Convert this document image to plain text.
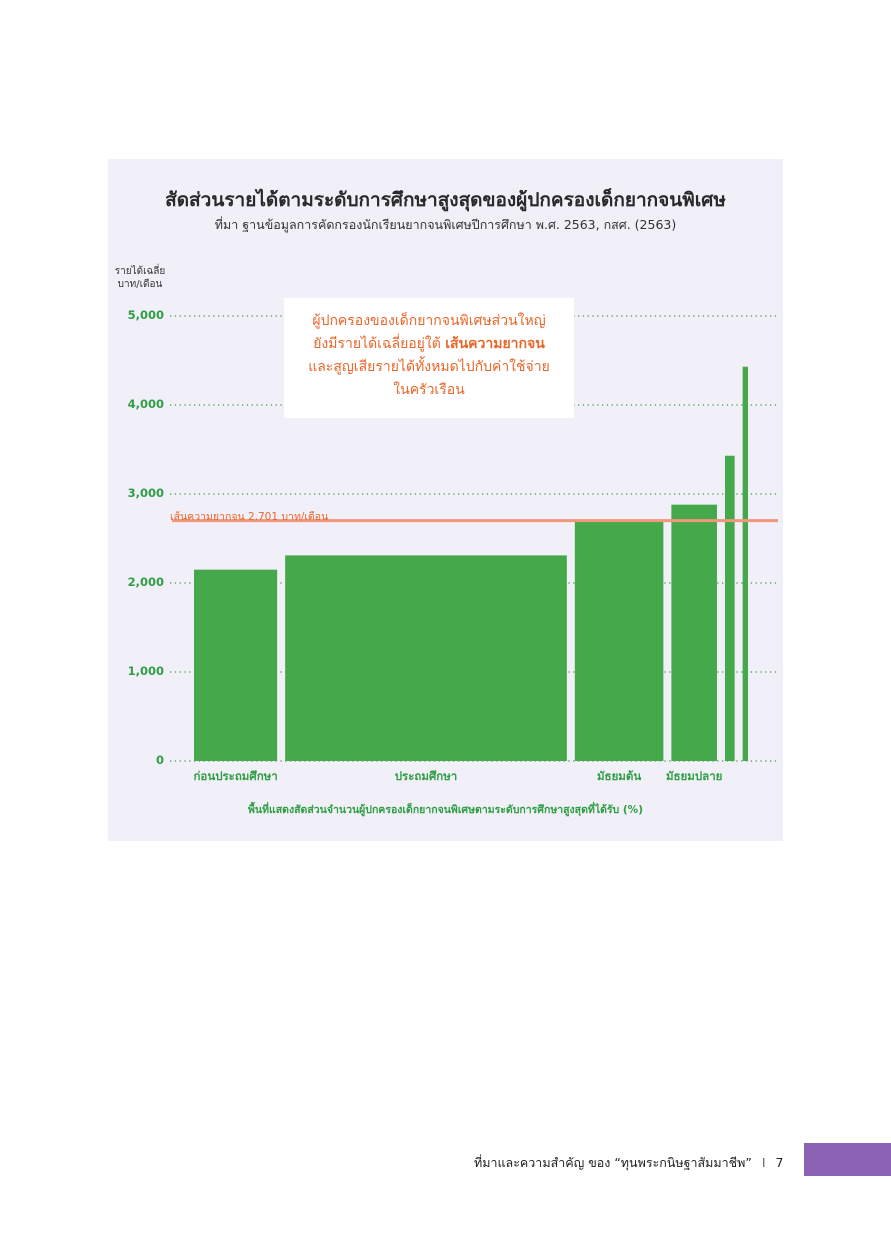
สัดส่วนรายได้ตามระดับการศึกษาสูงสุดของผู้ปกครองเด็กยากจนพิเศษ
ที่มา ฐานข้อมูลการคัดกรองนักเรียนยากจนพิเศษปีการศึกษา พ.ศ. 2563, กสศ. (2563)
รายได้เฉลี่ย
บาท/เดือน
0
1,000
2,000
3,000
4,000
5,000
ก่อนประถมศึกษา	ประถมศึกษา	มัธยมต้น มัธยมปลาย
เส้นความยากจน 2,701 บาท/เดือน
ผู้ปกครองของเด็กยากจนพิเศษส่วนใหญ่
ยังมีรายได้เฉลี่ยอยู่ใต้ เส้นความยากจน
และสูญเสียรายได้ทั้งหมดไปกับค่าใช้จ่าย
ในครัวเรือน
พื้นที่แสดงสัดส่วนจำนวนผู้ปกครองเด็กยากจนพิเศษตามระดับการศึกษาสูงสุดที่ได้รับ (%)
ที่มาและความสำคัญ ของ “ทุนพระกนิษฐาสัมมาชีพ” I 7
